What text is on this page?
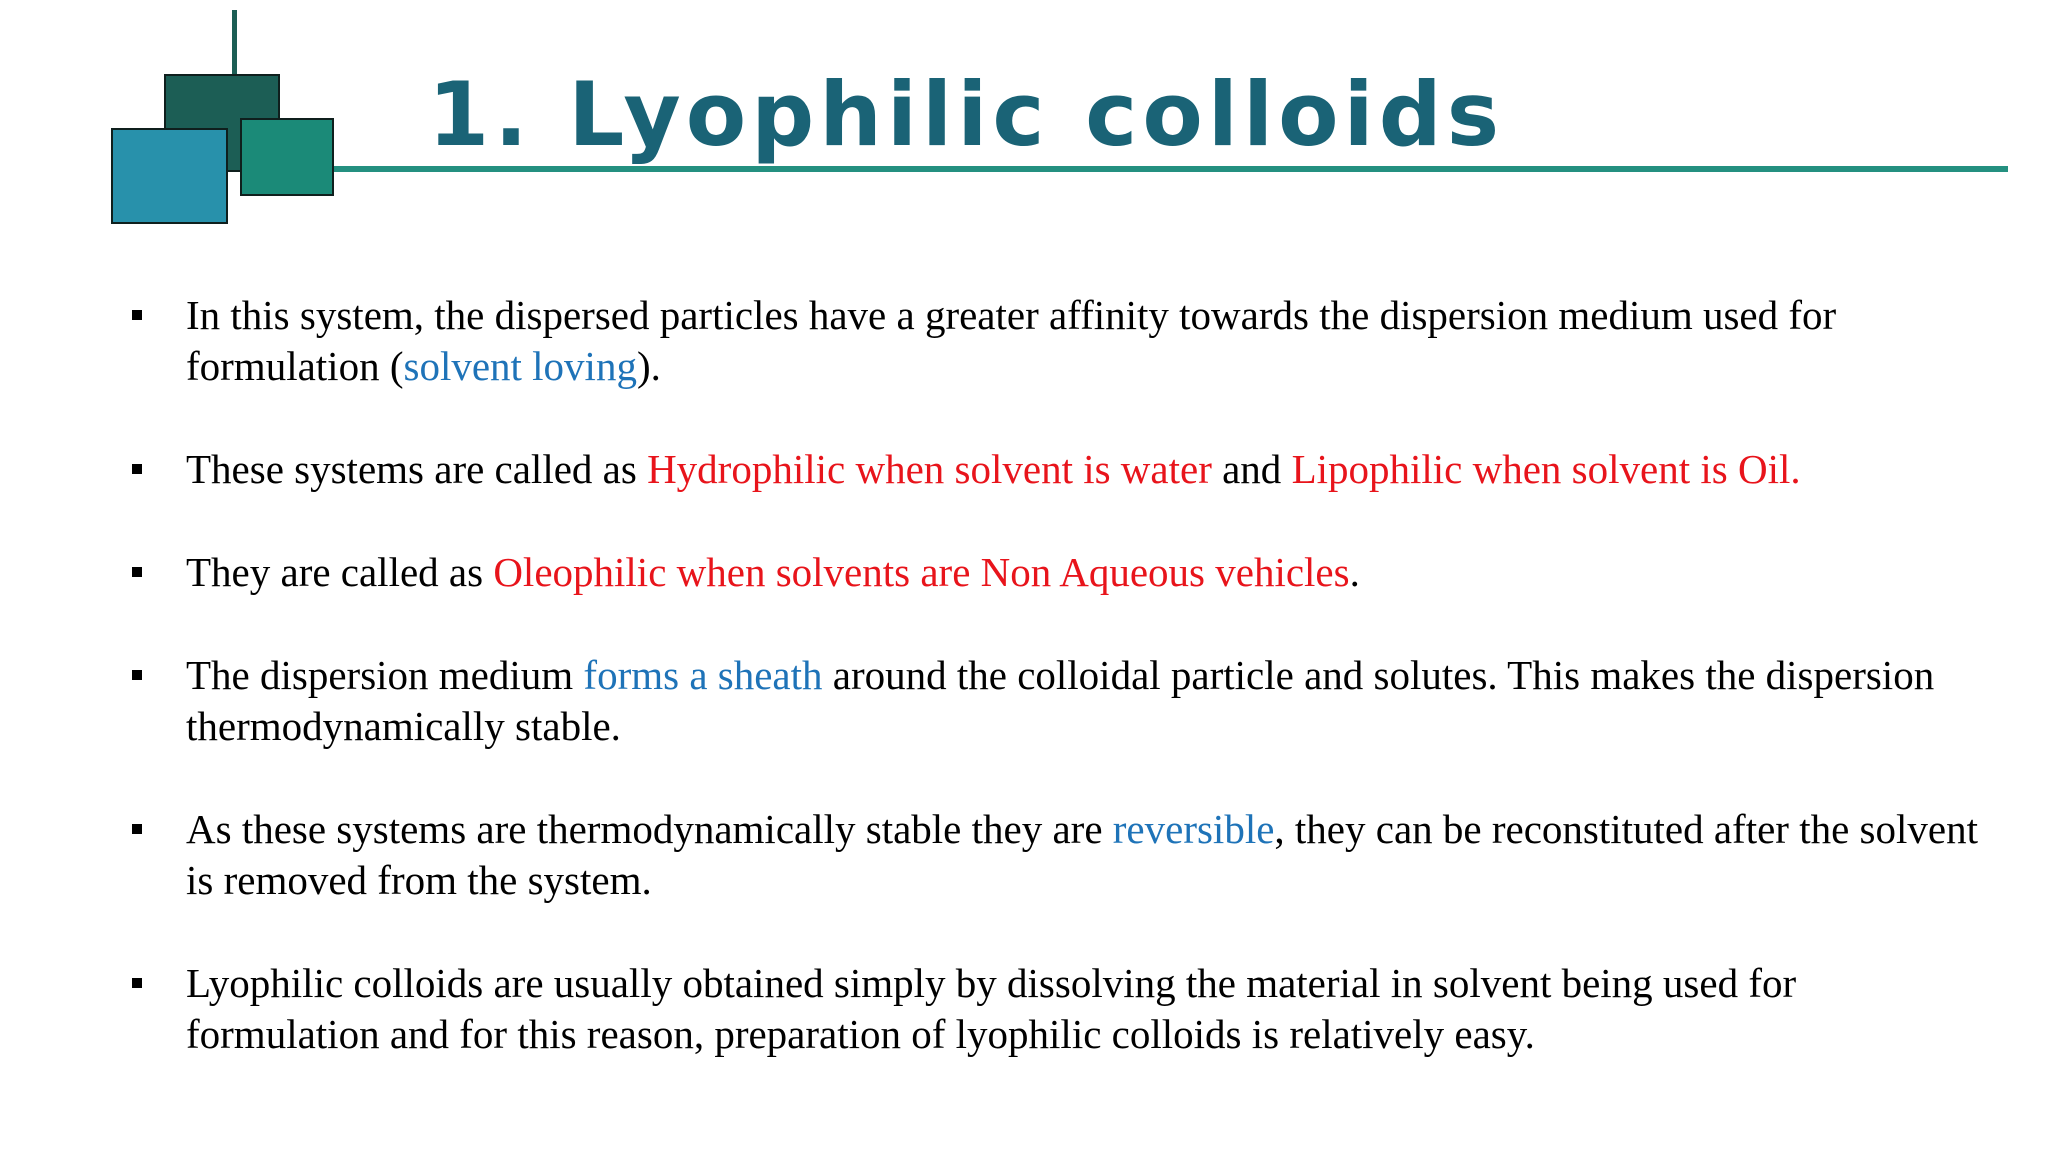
1. Lyophilic colloids
In this system, the dispersed particles have a greater affinity towards the dispersion medium used for formulation (solvent loving).
These systems are called as Hydrophilic when solvent is water and Lipophilic when solvent is Oil.
They are called as Oleophilic when solvents are Non Aqueous vehicles.
The dispersion medium forms a sheath around the colloidal particle and solutes. This makes the dispersion thermodynamically stable.
As these systems are thermodynamically stable they are reversible, they can be reconstituted after the solvent is removed from the system.
Lyophilic colloids are usually obtained simply by dissolving the material in solvent being used for formulation and for this reason, preparation of lyophilic colloids is relatively easy.
